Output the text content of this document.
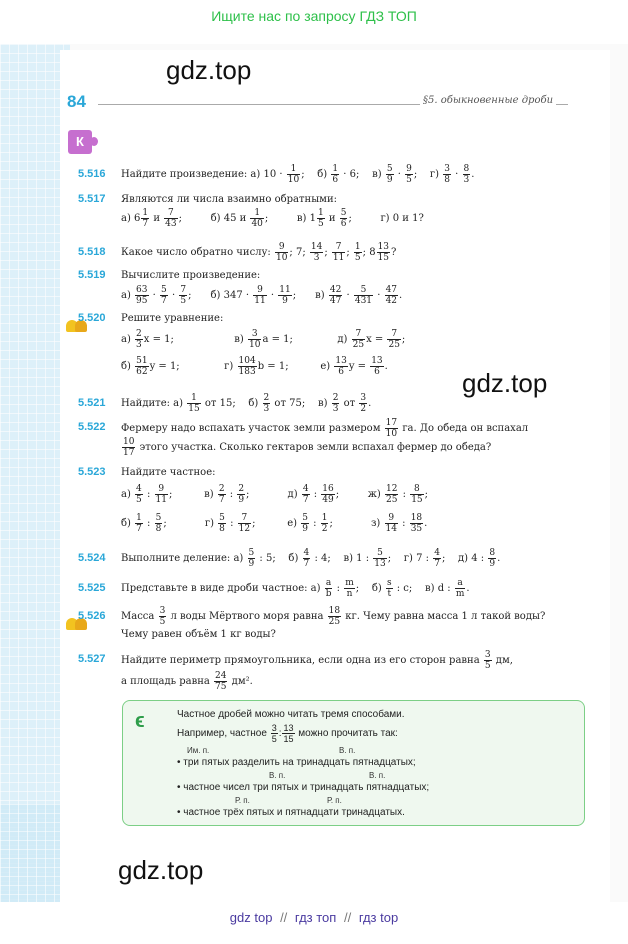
Ищите нас по запросу ГДЗ ТОП
gdz.top
gdz.top
gdz.top
84	§5. обыкновенные дроби
К
5.516 Найдите произведение: а) $10 \cdot \frac{1}{10}$ ;    $б) \frac{1}{6} \cdot 6$;    $в) \frac{5}{9} \cdot \frac{9}{5}$ ;    $г) \frac{3}{8} \cdot \frac{8}{3}$ .
5.517 Являются ли числа взаимно обратными:
а) $6 \frac{1}{7}$ и $\frac{7}{43}$ ;         б) 45 и $\frac{1}{40}$ ;         в) $1 \frac{1}{5}$ и $\frac{5}{6}$ ;         г) 0 и 1?
5.518 Какое число обратно числу: $\frac{9}{10}$ ; 7; $\frac{14}{3}$ ; $\frac{7}{11}$ ; $\frac{1}{5}$ ; $8 \frac{13}{15}$ ?
5.519 Вычислите произведение:
$а) \frac{63}{95} \cdot \frac{5}{7} \cdot \frac{7}{5}$ ;      б) $347 \cdot \frac{9}{11} \cdot \frac{11}{9}$ ;      $в) \frac{42}{47} \cdot \frac{5}{431} \cdot \frac{47}{42}$ .
5.520 Решите уравнение:
$а) \frac{2}{3}$ x = 1;                   $в) \frac{3}{10}$ a = 1;              $д) \frac{7}{25}$ $x = \frac{7}{25}$ ;
$б) \frac{51}{62}$ y = 1;              $г) \frac{104}{183}$ b = 1;          $е) \frac{13}{6}$ $y = \frac{13}{6}$ .
5.521 Найдите: $а) \frac{1}{15}$ от 15;    $б) \frac{2}{3}$ от 75;    $в) \frac{2}{3}$ от $\frac{3}{2}$ .
5.522 Фермеру надо вспахать участок земли размером $\frac{17}{10}$ га. До обеда он вспахал
$\frac{10}{17}$ этого участка. Сколько гектаров земли вспахал фермер до обеда?
5.523 Найдите частное:
$а) \frac{4}{5}$ : $\frac{9}{11}$ ;          $в) \frac{2}{7}$ : $\frac{2}{9}$ ;            $д) \frac{4}{7}$ : $\frac{16}{49}$ ;         $ж) \frac{12}{25}$ : $\frac{8}{15}$ ;
$б) \frac{1}{7}$ : $\frac{5}{8}$ ;            $г) \frac{5}{8}$ : $\frac{7}{12}$ ;          $е) \frac{5}{9}$ : $\frac{1}{2}$ ;            $з) \frac{9}{14}$ : $\frac{18}{35}$ .
5.524 Выполните деление: $а) \frac{5}{9}$ : 5;    $б) \frac{4}{7}$ : 4;    в) 1 : $\frac{5}{13}$ ;    г) 7 : $\frac{4}{7}$ ;    д) 4 : $\frac{8}{9}$ .
5.525 Представьте в виде дроби частное: $а) \frac{a}{b}$ : $\frac{m}{n}$ ;    $б) \frac{s}{t}$ : c;    в) d : $\frac{a}{m}$ .
5.526 Масса $\frac{3}{5}$ л воды Мёртвого моря равна $\frac{18}{25}$ кг. Чему равна масса 1 л такой воды?
Чему равен объём 1 кг воды?
5.527 Найдите периметр прямоугольника, если одна из его сторон равна $\frac{3}{5}$ дм,
а площадь равна $\frac{24}{75} дм^2$.
ϵ	Частное дробей можно читать тремя способами.
Например, частное $\frac{3}{5}$ : $\frac{13}{15}$ можно прочитать так:
Им. п.	В. п.
• три пятых разделить на тринадцать пятнадцатых;
В. п.	В. п.
• частное чисел три пятых и тринадцать пятнадцатых;
Р. п.	Р. п.
• частное трёх пятых и пятнадцати тринадцатых.
gdz top // гдз топ // гдз top
